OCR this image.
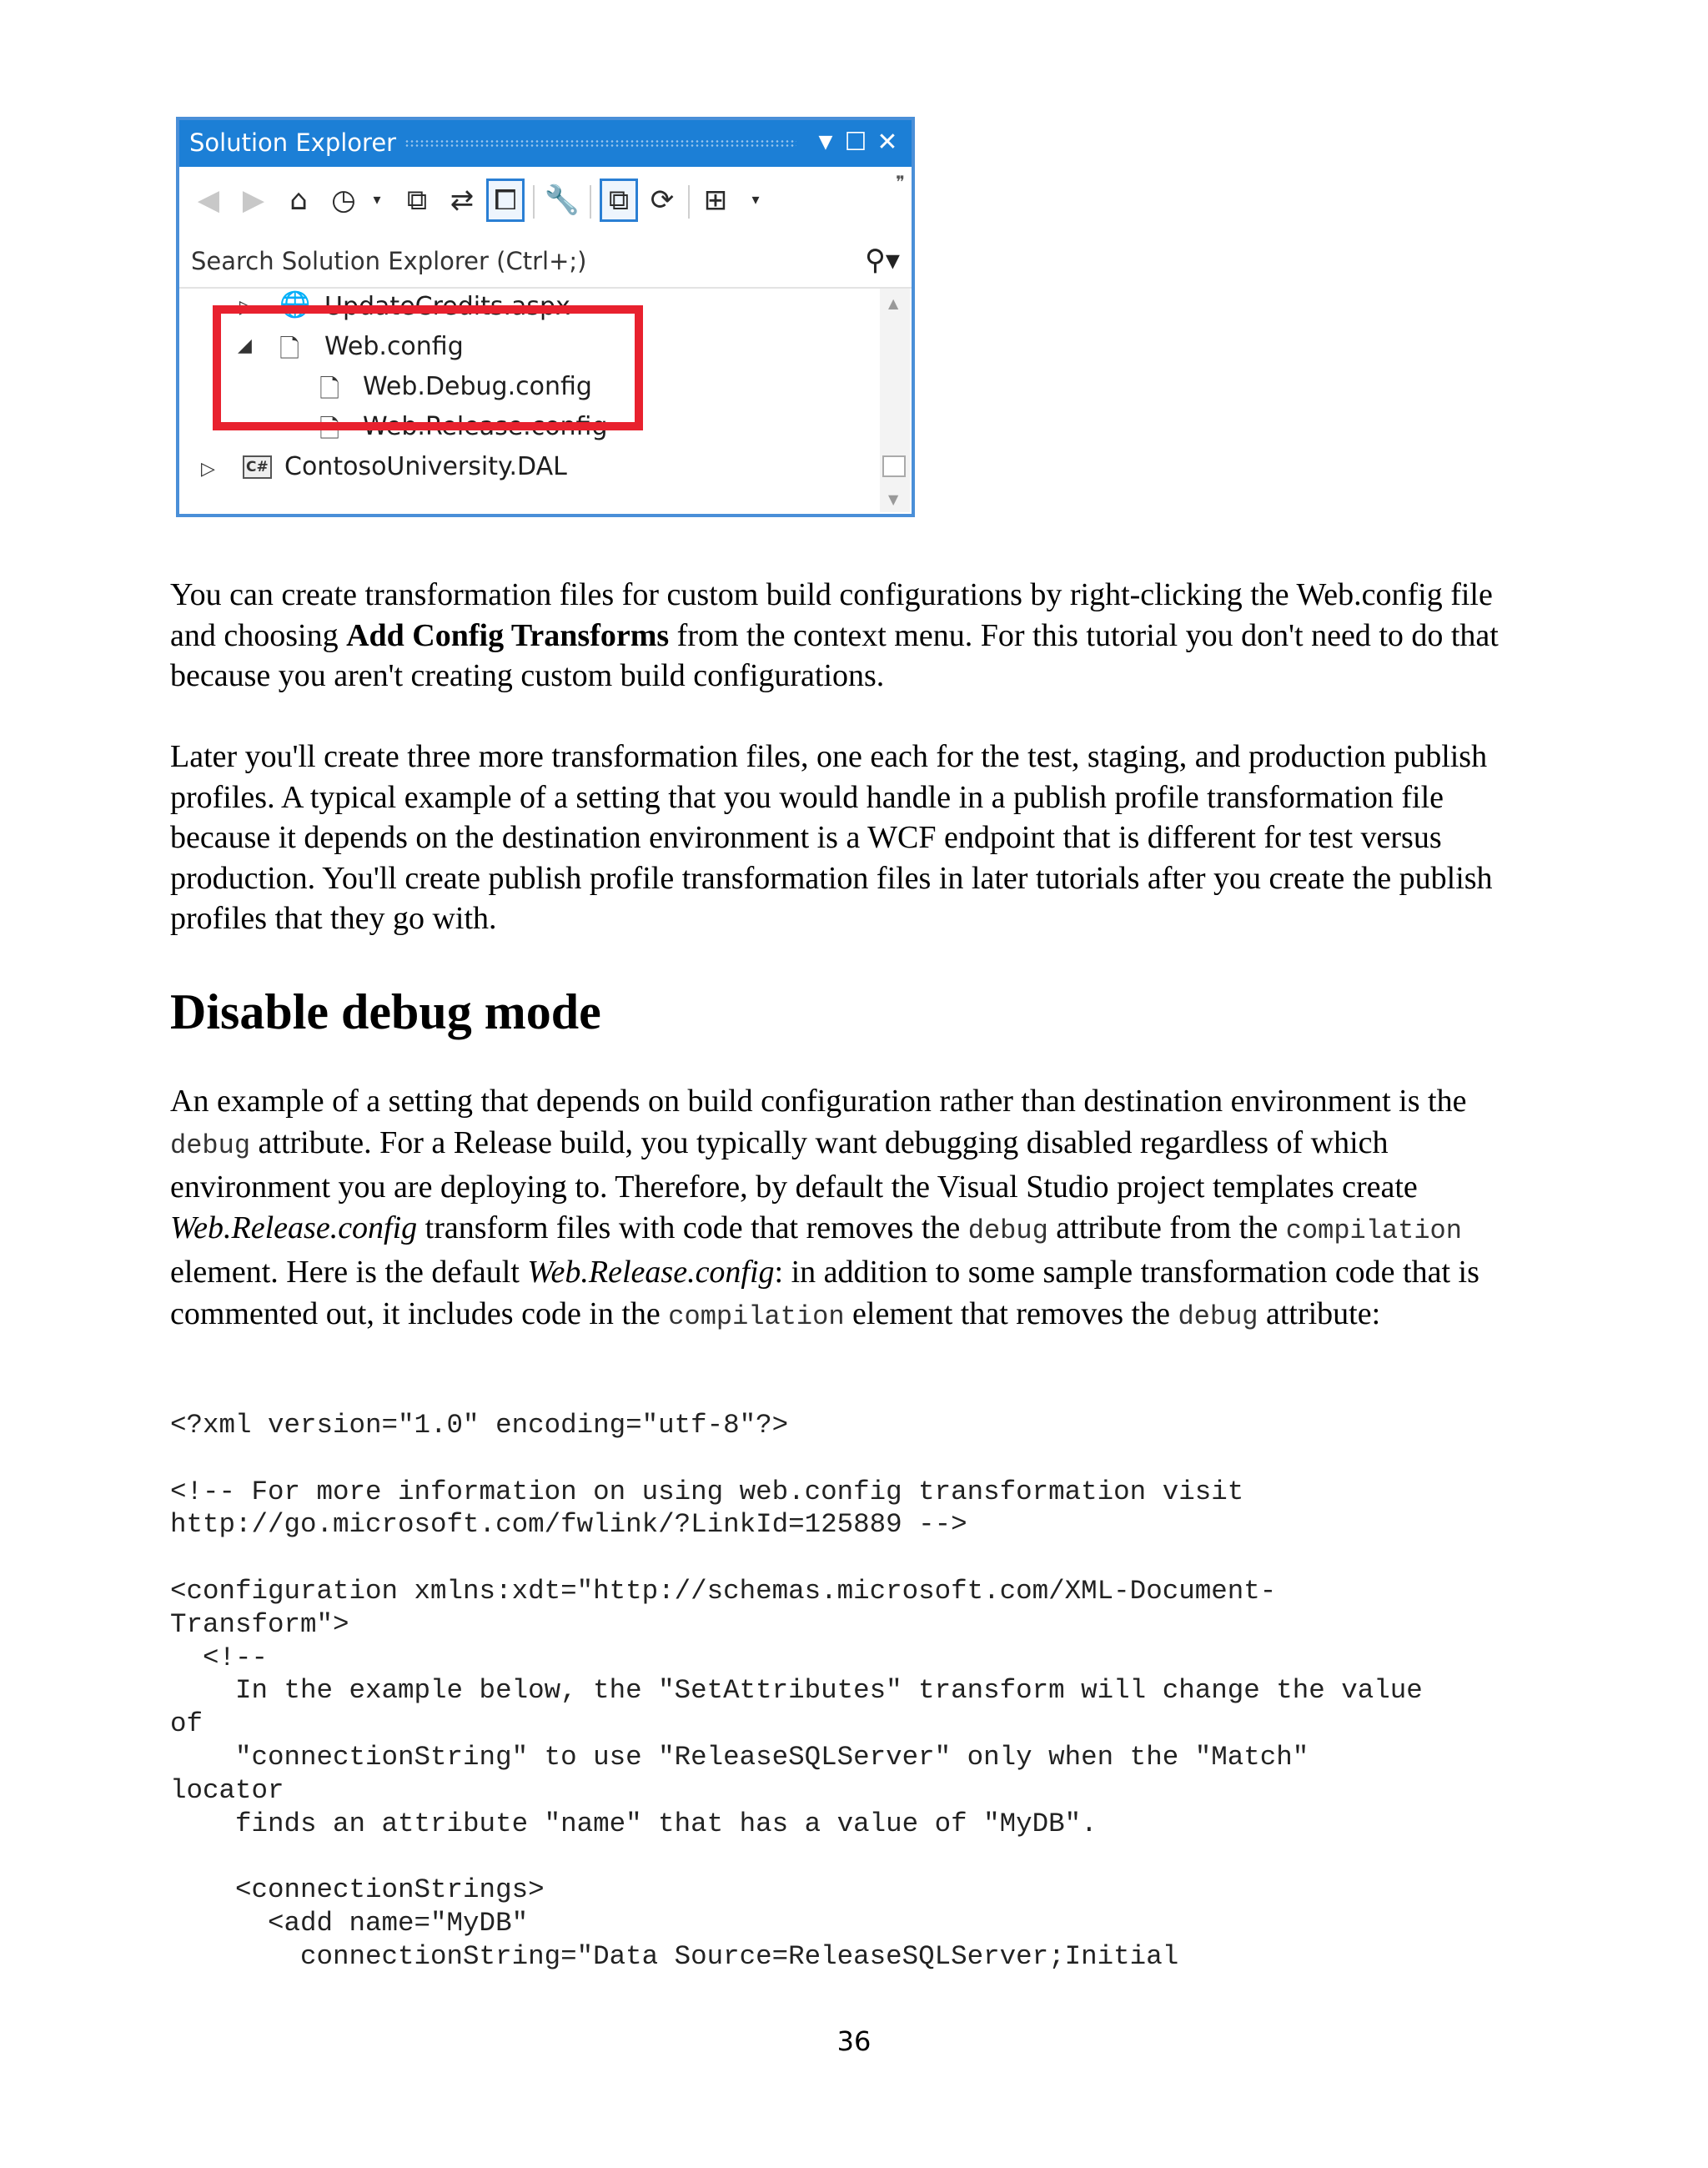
Solution Explorer	▼ ☐ ✕
◀ ▶ ⌂ ◷	▾ ⧉ ⇄ ⧠ 🔧	⧉ ⟳ ⊞	▾
❞
Search Solution Explorer (Ctrl+;)	⚲▾
▷ 🌐 UpdateCredits.aspx
◢ 🗋 Web.config
🗋 Web.Debug.config
🗋 Web.Release.config
▷ C# ContosoUniversity.DAL
▲
▼
You can create transformation files for custom build configurations by right-clicking the Web.config file and choosing Add Config Transforms from the context menu. For this tutorial you don't need to do that because you aren't creating custom build configurations.
Later you'll create three more transformation files, one each for the test, staging, and production publish profiles. A typical example of a setting that you would handle in a publish profile transformation file because it depends on the destination environment is a WCF endpoint that is different for test versus production. You'll create publish profile transformation files in later tutorials after you create the publish profiles that they go with.
Disable debug mode
An example of a setting that depends on build configuration rather than destination environment is the debug attribute. For a Release build, you typically want debugging disabled regardless of which environment you are deploying to. Therefore, by default the Visual Studio project templates create Web.Release.config transform files with code that removes the debug attribute from the compilation element. Here is the default Web.Release.config: in addition to some sample transformation code that is commented out, it includes code in the compilation element that removes the debug attribute:
<?xml version="1.0" encoding="utf-8"?>

<!-- For more information on using web.config transformation visit
http://go.microsoft.com/fwlink/?LinkId=125889 -->

<configuration xmlns:xdt="http://schemas.microsoft.com/XML-Document-
Transform">
<!--
In the example below, the "SetAttributes" transform will change the value
of
"connectionString" to use "ReleaseSQLServer" only when the "Match"
locator
finds an attribute "name" that has a value of "MyDB".

<connectionStrings>
<add name="MyDB"
connectionString="Data Source=ReleaseSQLServer;Initial
36
